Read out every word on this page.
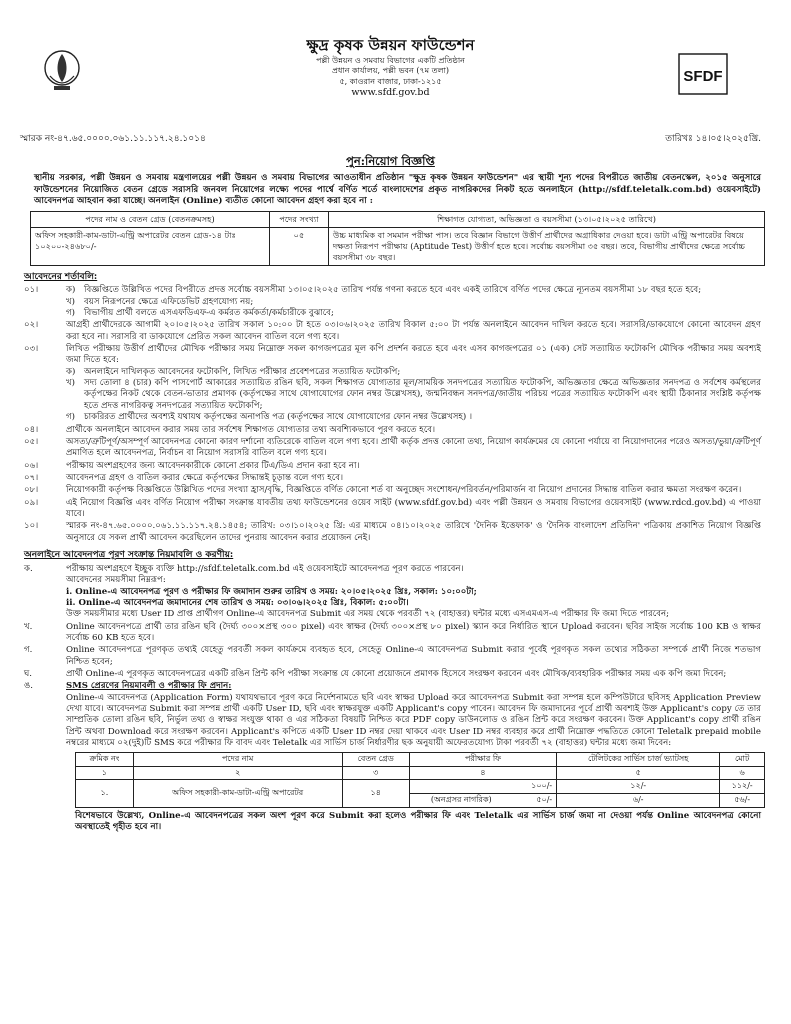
ক্ষুদ্র কৃষক উন্নয়ন ফাউন্ডেশন
পল্লী উন্নয়ন ও সমবায় বিভাগের একটি প্রতিষ্ঠান
প্রধান কার্যালয়, পল্লী ভবন (৭ম তলা)
৫, কাওরান বাজার, ঢাকা-১২১৫
www.sfdf.gov.bd
SFDF
স্মারক নং-৪৭.৬৫.০০০০.০৬১.১১.১১৭.২৪.১০১৪	তারিখঃ ১৪।০৫।২০২৫খ্রি.
পুন:নিয়োগ বিজ্ঞপ্তি
স্থানীয় সরকার, পল্লী উন্নয়ন ও সমবায় মন্ত্রণালয়ের পল্লী উন্নয়ন ও সমবায় বিভাগের আওতাধীন প্রতিষ্ঠান "ক্ষুদ্র কৃষক উন্নয়ন ফাউন্ডেশন" এর স্থায়ী শূন্য পদের বিপরীতে জাতীয় বেতনস্কেল, ২০১৫ অনুসারে ফাউন্ডেশনের নিয়োজিত বেতন গ্রেডে সরাসরি জনবল নিয়োগের লক্ষ্যে পদের পার্শ্বে বর্ণিত শর্তে বাংলাদেশের প্রকৃত নাগরিকদের নিকট হতে অনলাইনে (http://sfdf.teletalk.com.bd) ওয়েবসাইটে) আবেদনপত্র আহবান করা যাচ্ছে। অনলাইন (Online) ব্যতীত কোনো আবেদন গ্রহণ করা হবে না :
পদের নাম ও বেতন গ্রেড (বেতনক্রমসহ)	পদের সংখ্যা	শিক্ষাগত যোগ্যতা, অভিজ্ঞতা ও বয়সসীমা (১৩।০৫।২০২৫ তারিখে)
অফিস সহকারী-কাম-ডাটা-এন্ট্রি অপারেটর বেতন গ্রেড-১৪ টাঃ ১০২০০-২৪৬৮০/-	০৫	উচ্চ মাধ্যমিক বা সমমান পরীক্ষা পাস। তবে বিজ্ঞান বিভাগে উত্তীর্ণ প্রার্থীদের অগ্রাধিকার দেওয়া হবে। ডাটা এন্ট্রি অপারেটর বিষয়ে দক্ষতা নিরূপণ পরীক্ষায় (Aptitude Test) উত্তীর্ণ হতে হবে। সর্বোচ্চ বয়সসীমা ৩৫ বছর। তবে, বিভাগীয় প্রার্থীদের ক্ষেত্রে সর্বোচ্চ বয়সসীমা ৩৮ বছর।
আবেদনের শর্তাবলি:
০১।	ক)	বিজ্ঞপ্তিতে উল্লিখিত পদের বিপরীতে প্রদত্ত সর্বোচ্চ বয়সসীমা ১৩।০৫।২০২৫ তারিখ পর্যন্ত গণনা করতে হবে এবং একই তারিখে বর্ণিত পদের ক্ষেত্রে ন্যূনতম বয়সসীমা ১৮ বছর হতে হবে;
খ)	বয়স নিরূপনের ক্ষেত্রে এফিডেভিট গ্রহণযোগ্য নয়;
গ)	বিভাগীয় প্রার্থী বলতে এসএফডিএফ-এ কর্মরত কর্মকর্তা/কর্মচারীকে বুঝাবে;
০২।	আগ্রহী প্রার্থীদেরকে আগামী ২০।০৫।২০২৫ তারিখ সকাল ১০:০০ টা হতে ০৩।০৬।২০২৫ তারিখ বিকাল ৫:০০ টা পর্যন্ত অনলাইনে আবেদন দাখিল করতে হবে। সরাসরি/ডাকযোগে কোনো আবেদন গ্রহণ করা হবে না। সরাসরি বা ডাকযোগে প্রেরিত সকল আবেদন বাতিল বলে গণ্য হবে।
০৩।	লিখিত পরীক্ষায় উত্তীর্ণ প্রার্থীদের মৌখিক পরীক্ষার সময় নিম্নোক্ত সকল কাগজপত্রের মূল কপি প্রদর্শন করতে হবে এবং এসব কাগজপত্রের ০১ (এক) সেট সত্যায়িত ফটোকপি মৌখিক পরীক্ষার সময় অবশ্যই জমা দিতে হবে:
ক)	অনলাইনে দাখিলকৃত আবেদনের ফটোকপি, লিখিত পরীক্ষার প্রবেশপত্রের সত্যায়িত ফটোকপি;
খ)	সদ্য তোলা ৪ (চার) কপি পাসপোর্ট আকারের সত্যায়িত রঙিন ছবি, সকল শিক্ষাগত যোগ্যতার মূল/সাময়িক সনদপত্রের সত্যায়িত ফটোকপি, অভিজ্ঞতার ক্ষেত্রে অভিজ্ঞতার সনদপত্র ও সর্বশেষ কর্মস্থলের কর্তৃপক্ষের নিকট থেকে বেতন-ভাতার প্রমাণক (কর্তৃপক্ষের সাথে যোগাযোগের ফোন নম্বর উল্লেখসহ), জন্মনিবন্ধন সনদপত্র/জাতীয় পরিচয় পত্রের সত্যায়িত ফটোকপি এবং স্থায়ী ঠিকানার সংশ্লিষ্ট কর্তৃপক্ষ হতে প্রদত্ত নাগরিকত্ব সনদপত্রের সত্যায়িত ফটোকপি;
গ)	চাকরিরত প্রার্থীদের অবশ্যই যথাযথ কর্তৃপক্ষের অনাপত্তি পত্র (কর্তৃপক্ষের সাথে যোগাযোগের ফোন নম্বর উল্লেখসহ) ।
০৪।	প্রার্থীকে অনলাইনে আবেদন করার সময় তার সর্বশেষ শিক্ষাগত যোগ্যতার তথ্য অবশ্যিকভাবে পূরণ করতে হবে।
০৫।	অসত্য/ত্রুটিপূর্ণ/অসম্পূর্ণ আবেদনপত্র কোনো কারণ দর্শানো ব্যতিরেকে বাতিল বলে গণ্য হবে। প্রার্থী কর্তৃক প্রদত্ত কোনো তথ্য, নিয়োগ কার্যক্রমের যে কোনো পর্যায়ে বা নিয়োগদানের পরেও অসত্য/ভুয়া/ত্রুটিপূর্ণ প্রমাণিত হলে আবেদনপত্র, নির্বাচন বা নিয়োগ সরাসরি বাতিল বলে গণ্য হবে।
০৬।	পরীক্ষায় অংশগ্রহণের জন্য আবেদনকারীকে কোনো প্রকার টিএ/ডিএ প্রদান করা হবে না।
০৭।	আবেদনপত্র গ্রহণ ও বাতিল করার ক্ষেত্রে কর্তৃপক্ষের সিদ্ধান্তই চূড়ান্ত বলে গণ্য হবে।
০৮।	নিয়োগকারী কর্তৃপক্ষ বিজ্ঞপ্তিতে উল্লিখিত পদের সংখ্যা হ্রাস/বৃদ্ধি, বিজ্ঞপ্তিতে বর্ণিত কোনো শর্ত বা অনুচ্ছেদ সংশোধন/পরিবর্তন/পরিমার্জন বা নিয়োগ প্রদানের সিদ্ধান্ত বাতিল করার ক্ষমতা সংরক্ষণ করেন।
০৯।	এই নিয়োগ বিজ্ঞপ্তি এবং বর্ণিত নিয়োগ পরীক্ষা সংক্রান্ত যাবতীয় তথ্য ফাউন্ডেশনের ওয়েব সাইট (www.sfdf.gov.bd) এবং পল্লী উন্নয়ন ও সমবায় বিভাগের ওয়েবসাইট (www.rdcd.gov.bd) এ পাওয়া যাবে।
১০।	স্মারক নং-৪৭.৬৫.০০০০.০৬১.১১.১১৭.২৪.১৪৫৪; তারিখ: ০৩।১০।২০২৫ খ্রি: এর মাধ্যমে ০৪।১০।২০২৫ তারিখে 'দৈনিক ইত্তেফাক' ও 'দৈনিক বাংলাদেশ প্রতিদিন' পত্রিকায় প্রকাশিত নিয়োগ বিজ্ঞপ্তি অনুসারে যে সকল প্রার্থী আবেদন করেছিলেন তাদের পুনরায় আবেদন করার প্রয়োজন নেই।
অনলাইনে আবেদনপত্র পূরণ সংক্রান্ত নিয়মাবলি ও করণীয়:
ক.	পরীক্ষায় অংশগ্রহণে ইচ্ছুক ব্যক্তি http://sfdf.teletalk.com.bd এই ওয়েবসাইটে আবেদনপত্র পূরণ করতে পারবেন।
আবেদনের সময়সীমা নিম্নরূপ:
i. Online-এ আবেদনপত্র পূরণ ও পরীক্ষার ফি জমাদান শুরুর তারিখ ও সময়: ২০।০৫।২০২৫ খ্রিঃ, সকাল: ১০:০০টা;
ii. Online-এ আবেদনপত্র জমাদানের শেষ তারিখ ও সময়: ০৩।০৬।২০২৫ খ্রিঃ, বিকাল: ৫:০০টা।
উক্ত সময়সীমার মধ্যে User ID প্রাপ্ত প্রার্থীগণ Online-এ আবেদনপত্র Submit এর সময় থেকে পরবর্তী ৭২ (বাহাত্তর) ঘন্টার মধ্যে এসএমএস-এ পরীক্ষার ফি জমা দিতে পারবেন;
খ.	Online আবেদনপত্রে প্রার্থী তার রঙিন ছবি (দৈর্ঘ্য ৩০০×প্রস্থ ৩০০ pixel) এবং স্বাক্ষর (দৈর্ঘ্য ৩০০×প্রস্থ ৮০ pixel) স্ক্যান করে নির্ধারিত স্থানে Upload করবেন। ছবির সাইজ সর্বোচ্চ 100 KB ও স্বাক্ষর সর্বোচ্চ 60 KB হতে হবে।
গ.	Online আবেদনপত্রে পূরণকৃত তথ্যই যেহেতু পরবর্তী সকল কার্যক্রমে ব্যবহৃত হবে, সেহেতু Online-এ আবেদনপত্র Submit করার পূর্বেই পূরণকৃত সকল তথ্যের সঠিকতা সম্পর্কে প্রার্থী নিজে শতভাগ নিশ্চিত হবেন;
ঘ.	প্রার্থী Online-এ পূরণকৃত আবেদনপত্রের একটি রঙিন প্রিন্ট কপি পরীক্ষা সংক্রান্ত যে কোনো প্রয়োজনে প্রমাণক হিসেবে সংরক্ষণ করবেন এবং মৌখিক/ব্যবহারিক পরীক্ষার সময় এক কপি জমা দিবেন;
ঙ.	SMS প্রেরণের নিয়মাবলী ও পরীক্ষার ফি প্রদান:
Online-এ আবেদনপত্র (Application Form) যথাযথভাবে পূরণ করে নির্দেশনামতে ছবি এবং স্বাক্ষর Upload করে আবেদনপত্র Submit করা সম্পন্ন হলে কম্পিউটারে ছবিসহ Application Preview দেখা যাবে। আবেদনপত্র Submit করা সম্পন্ন প্রার্থী একটি User ID, ছবি এবং স্বাক্ষরযুক্ত একটি Applicant's copy পাবেন। আবেদন ফি জমাদানের পূর্বে প্রার্থী অবশ্যই উক্ত Applicant's copy তে তার সাম্প্রতিক তোলা রঙিন ছবি, নির্ভুল তথ্য ও স্বাক্ষর সংযুক্ত থাকা ও এর সঠিকতা বিষয়টি নিশ্চিত করে PDF copy ডাউনলোড ও রঙিন প্রিন্ট করে সংরক্ষণ করবেন। উক্ত Applicant's copy প্রার্থী রঙিন প্রিন্ট অথবা Download করে সংরক্ষণ করবেন। Applicant's কপিতে একটি User ID নম্বর দেয়া থাকবে এবং User ID নম্বর ব্যবহার করে প্রার্থী নিম্নোক্ত পদ্ধতিতে কোনো Teletalk prepaid mobile নম্বরের মাধ্যমে ০২(দুই)টি SMS করে পরীক্ষার ফি বাবদ এবং Teletalk এর সার্ভিস চার্জ নির্ধারণীর ছক অনুযায়ী অফেরতযোগ্য টাকা পরবর্তী ৭২ (বাহাত্তর) ঘন্টার মধ্যে জমা দিবেন:
ক্রমিক নং	পদের নাম	বেতন গ্রেড	পরীক্ষার ফি		টেলিটকের সার্ভিস চার্জ ভ্যাটসহ	মোট
১	২	৩	৪		৫	৬
১.	অফিস সহকারী-কাম-ডাটা-এন্ট্রি অপারেটর	১৪		১০০/-	১২/-	১১২/-
			(অনগ্রসর নাগরিক)	৫০/-	৬/-	৫৬/-
বিশেষভাবে উল্লেখ্য, Online-এ আবেদনপত্রের সকল অংশ পূরণ করে Submit করা হলেও পরীক্ষার ফি এবং Teletalk এর সার্ভিস চার্জ জমা না দেওয়া পর্যন্ত Online আবেদনপত্র কোনো অবস্থাতেই গৃহীত হবে না।
